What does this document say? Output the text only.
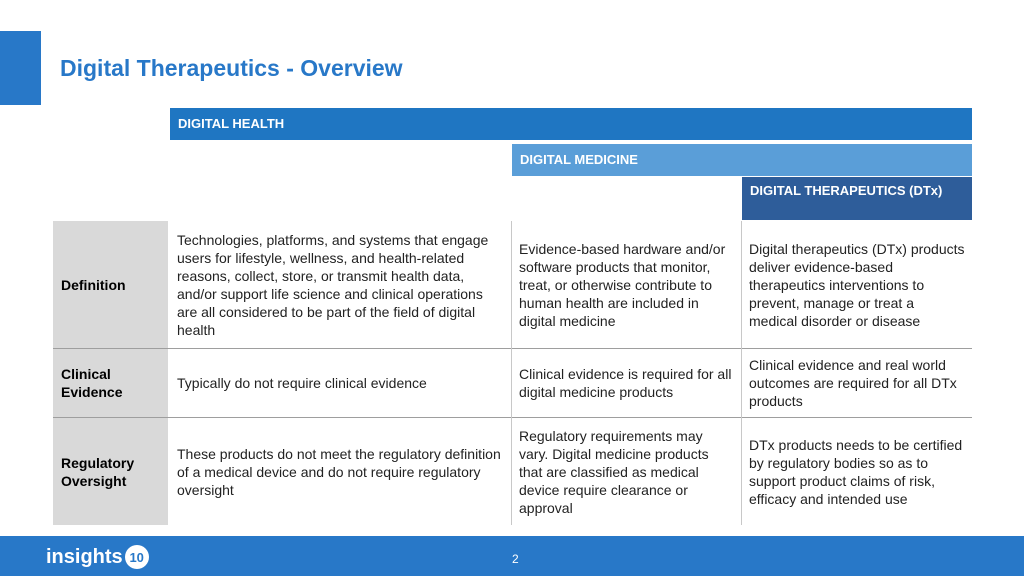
Digital Therapeutics - Overview
DIGITAL HEALTH
DIGITAL MEDICINE
DIGITAL THERAPEUTICS (DTx)
Definition
Technologies, platforms, and systems that engage users for lifestyle, wellness, and health-related reasons, collect, store, or transmit health data, and/or support life science and clinical operations are all considered to be part of the field of digital health
Evidence-based hardware and/or software products that monitor, treat, or otherwise contribute to human health are included in digital medicine
Digital therapeutics (DTx) products deliver evidence-based therapeutics interventions to prevent, manage or treat a medical disorder or disease
Clinical Evidence
Typically do not require clinical evidence
Clinical evidence is required for all digital medicine products
Clinical evidence and real world outcomes are required for all DTx products
Regulatory Oversight
These products do not meet the regulatory definition of a medical device and do not require regulatory oversight
Regulatory requirements may vary. Digital medicine products that are classified as medical device require clearance or approval
DTx products needs to be certified by regulatory bodies so as to support product claims of risk, efficacy and intended use
insights 10	2
